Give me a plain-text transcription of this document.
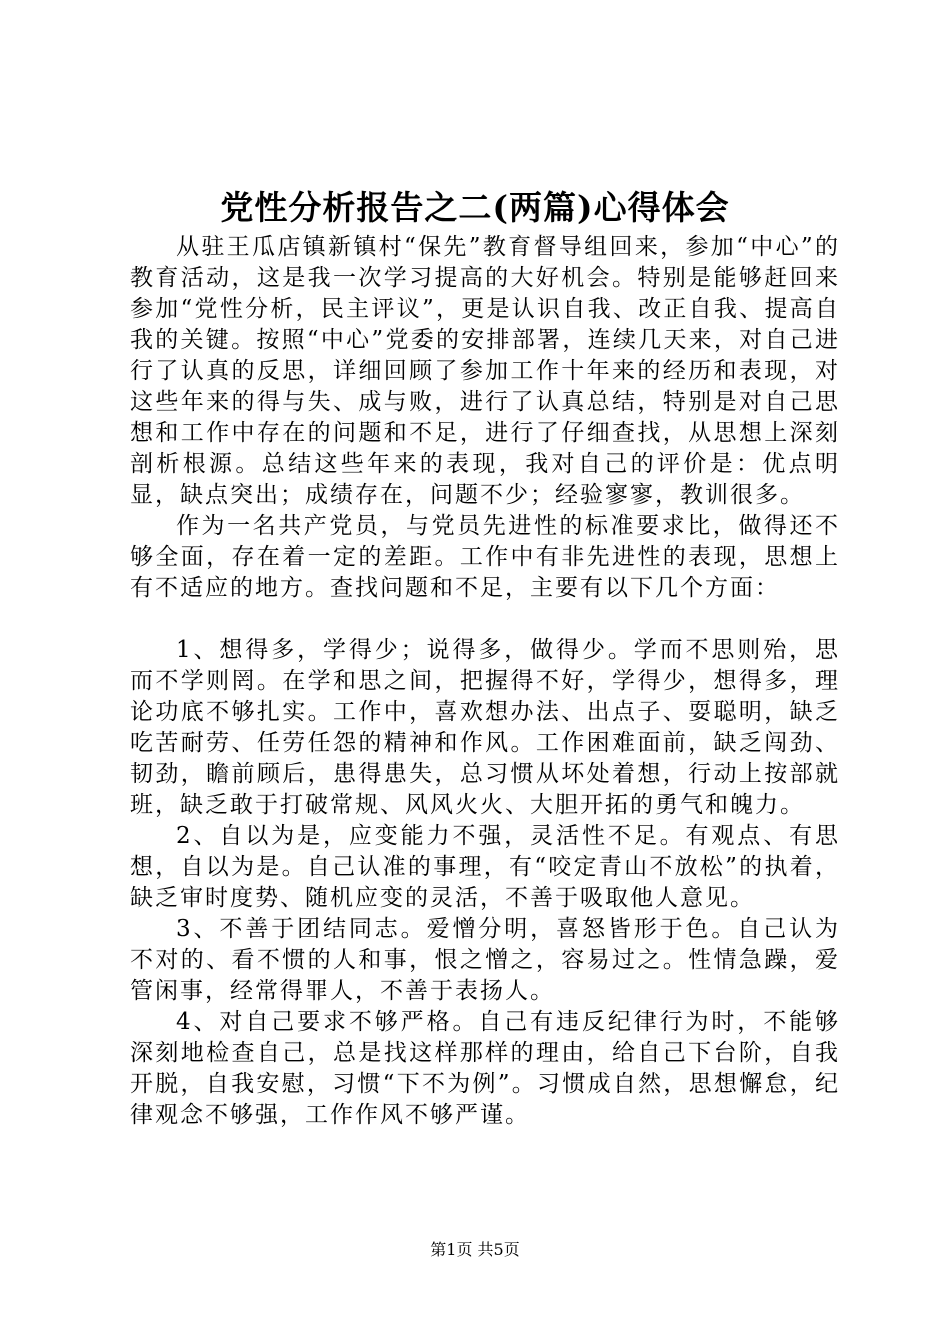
党性分析报告之二(两篇)心得体会

从驻王瓜店镇新镇村“保先”教育督导组回来，参加“中心”的教育活动，这是我一次学习提高的大好机会。特别是能够赶回来参加“党性分析，民主评议”，更是认识自我、改正自我、提高自我的关键。按照“中心”党委的安排部署，连续几天来，对自己进行了认真的反思，详细回顾了参加工作十年来的经历和表现，对这些年来的得与失、成与败，进行了认真总结，特别是对自己思想和工作中存在的问题和不足，进行了仔细查找，从思想上深刻剖析根源。总结这些年来的表现，我对自己的评价是：优点明显，缺点突出；成绩存在，问题不少；经验寥寥，教训很多。

作为一名共产党员，与党员先进性的标准要求比，做得还不够全面，存在着一定的差距。工作中有非先进性的表现，思想上有不适应的地方。查找问题和不足，主要有以下几个方面：

1、想得多，学得少；说得多，做得少。学而不思则殆，思而不学则罔。在学和思之间，把握得不好，学得少，想得多，理论功底不够扎实。工作中，喜欢想办法、出点子、耍聪明，缺乏吃苦耐劳、任劳任怨的精神和作风。工作困难面前，缺乏闯劲、韧劲，瞻前顾后，患得患失，总习惯从坏处着想，行动上按部就班，缺乏敢于打破常规、风风火火、大胆开拓的勇气和魄力。

2、自以为是，应变能力不强，灵活性不足。有观点、有思想，自以为是。自己认准的事理，有“咬定青山不放松”的执着，缺乏审时度势、随机应变的灵活，不善于吸取他人意见。

3、不善于团结同志。爱憎分明，喜怒皆形于色。自己认为不对的、看不惯的人和事，恨之憎之，容易过之。性情急躁，爱管闲事，经常得罪人，不善于表扬人。

4、对自己要求不够严格。自己有违反纪律行为时，不能够深刻地检查自己，总是找这样那样的理由，给自己下台阶，自我开脱，自我安慰，习惯“下不为例”。习惯成自然，思想懈怠，纪律观念不够强，工作作风不够严谨。

第1页 共5页
